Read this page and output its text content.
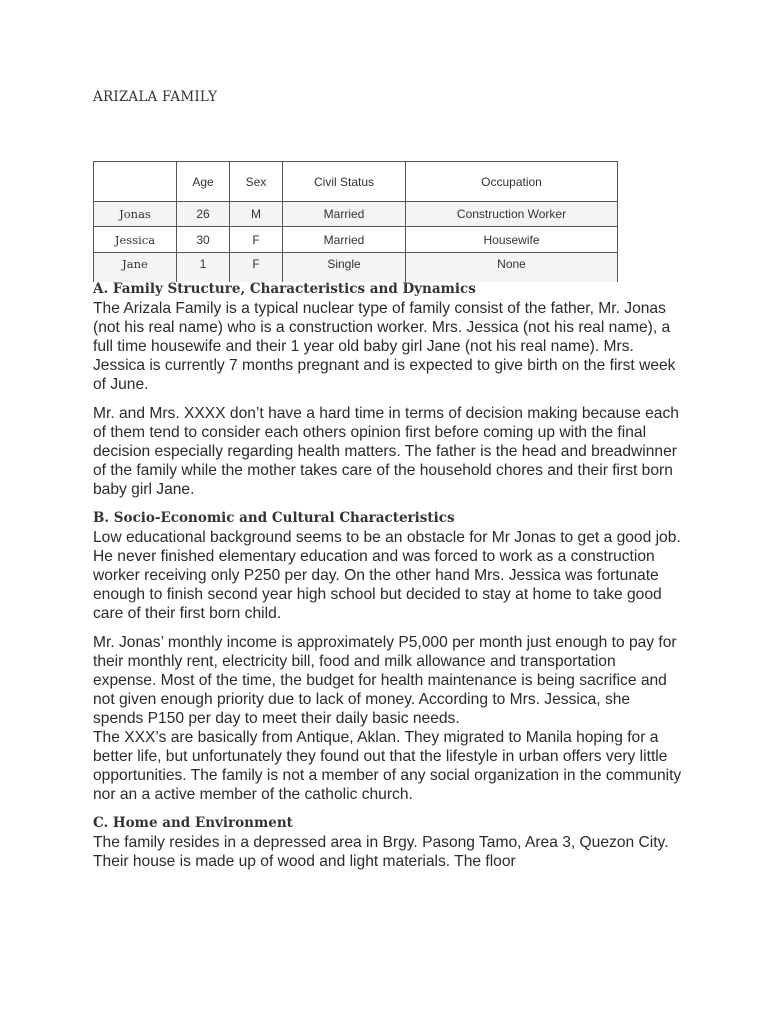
ARIZALA FAMILY
	Age	Sex	Civil Status	Occupation
Jonas	26	M	Married	Construction Worker
Jessica	30	F	Married	Housewife
Jane	1	F	Single	None
A. Family Structure, Characteristics and Dynamics

The Arizala Family is a typical nuclear type of family consist of the father, Mr. Jonas (not his real name) who is a construction worker. Mrs. Jessica (not his real name), a full time housewife and their 1 year old baby girl Jane (not his real name). Mrs. Jessica is currently 7 months pregnant and is expected to give birth on the first week of June.

Mr. and Mrs. XXXX don’t have a hard time in terms of decision making because each of them tend to consider each others opinion first before coming up with the final decision especially regarding health matters. The father is the head and breadwinner of the family while the mother takes care of the household chores and their first born baby girl Jane.

B. Socio-Economic and Cultural Characteristics

Low educational background seems to be an obstacle for Mr Jonas to get a good job. He never finished elementary education and was forced to work as a construction worker receiving only P250 per day. On the other hand Mrs. Jessica was fortunate enough to finish second year high school but decided to stay at home to take good care of their first born child.

Mr. Jonas’ monthly income is approximately P5,000 per month just enough to pay for their monthly rent, electricity bill, food and milk allowance and transportation expense. Most of the time, the budget for health maintenance is being sacrifice and not given enough priority due to lack of money. According to Mrs. Jessica, she spends P150 per day to meet their daily basic needs.

The XXX’s are basically from Antique, Aklan. They migrated to Manila hoping for a better life, but unfortunately they found out that the lifestyle in urban offers very little opportunities. The family is not a member of any social organization in the community nor an a active member of the catholic church.

C. Home and Environment

The family resides in a depressed area in Brgy. Pasong Tamo, Area 3, Quezon City. Their house is made up of wood and light materials. The floor
